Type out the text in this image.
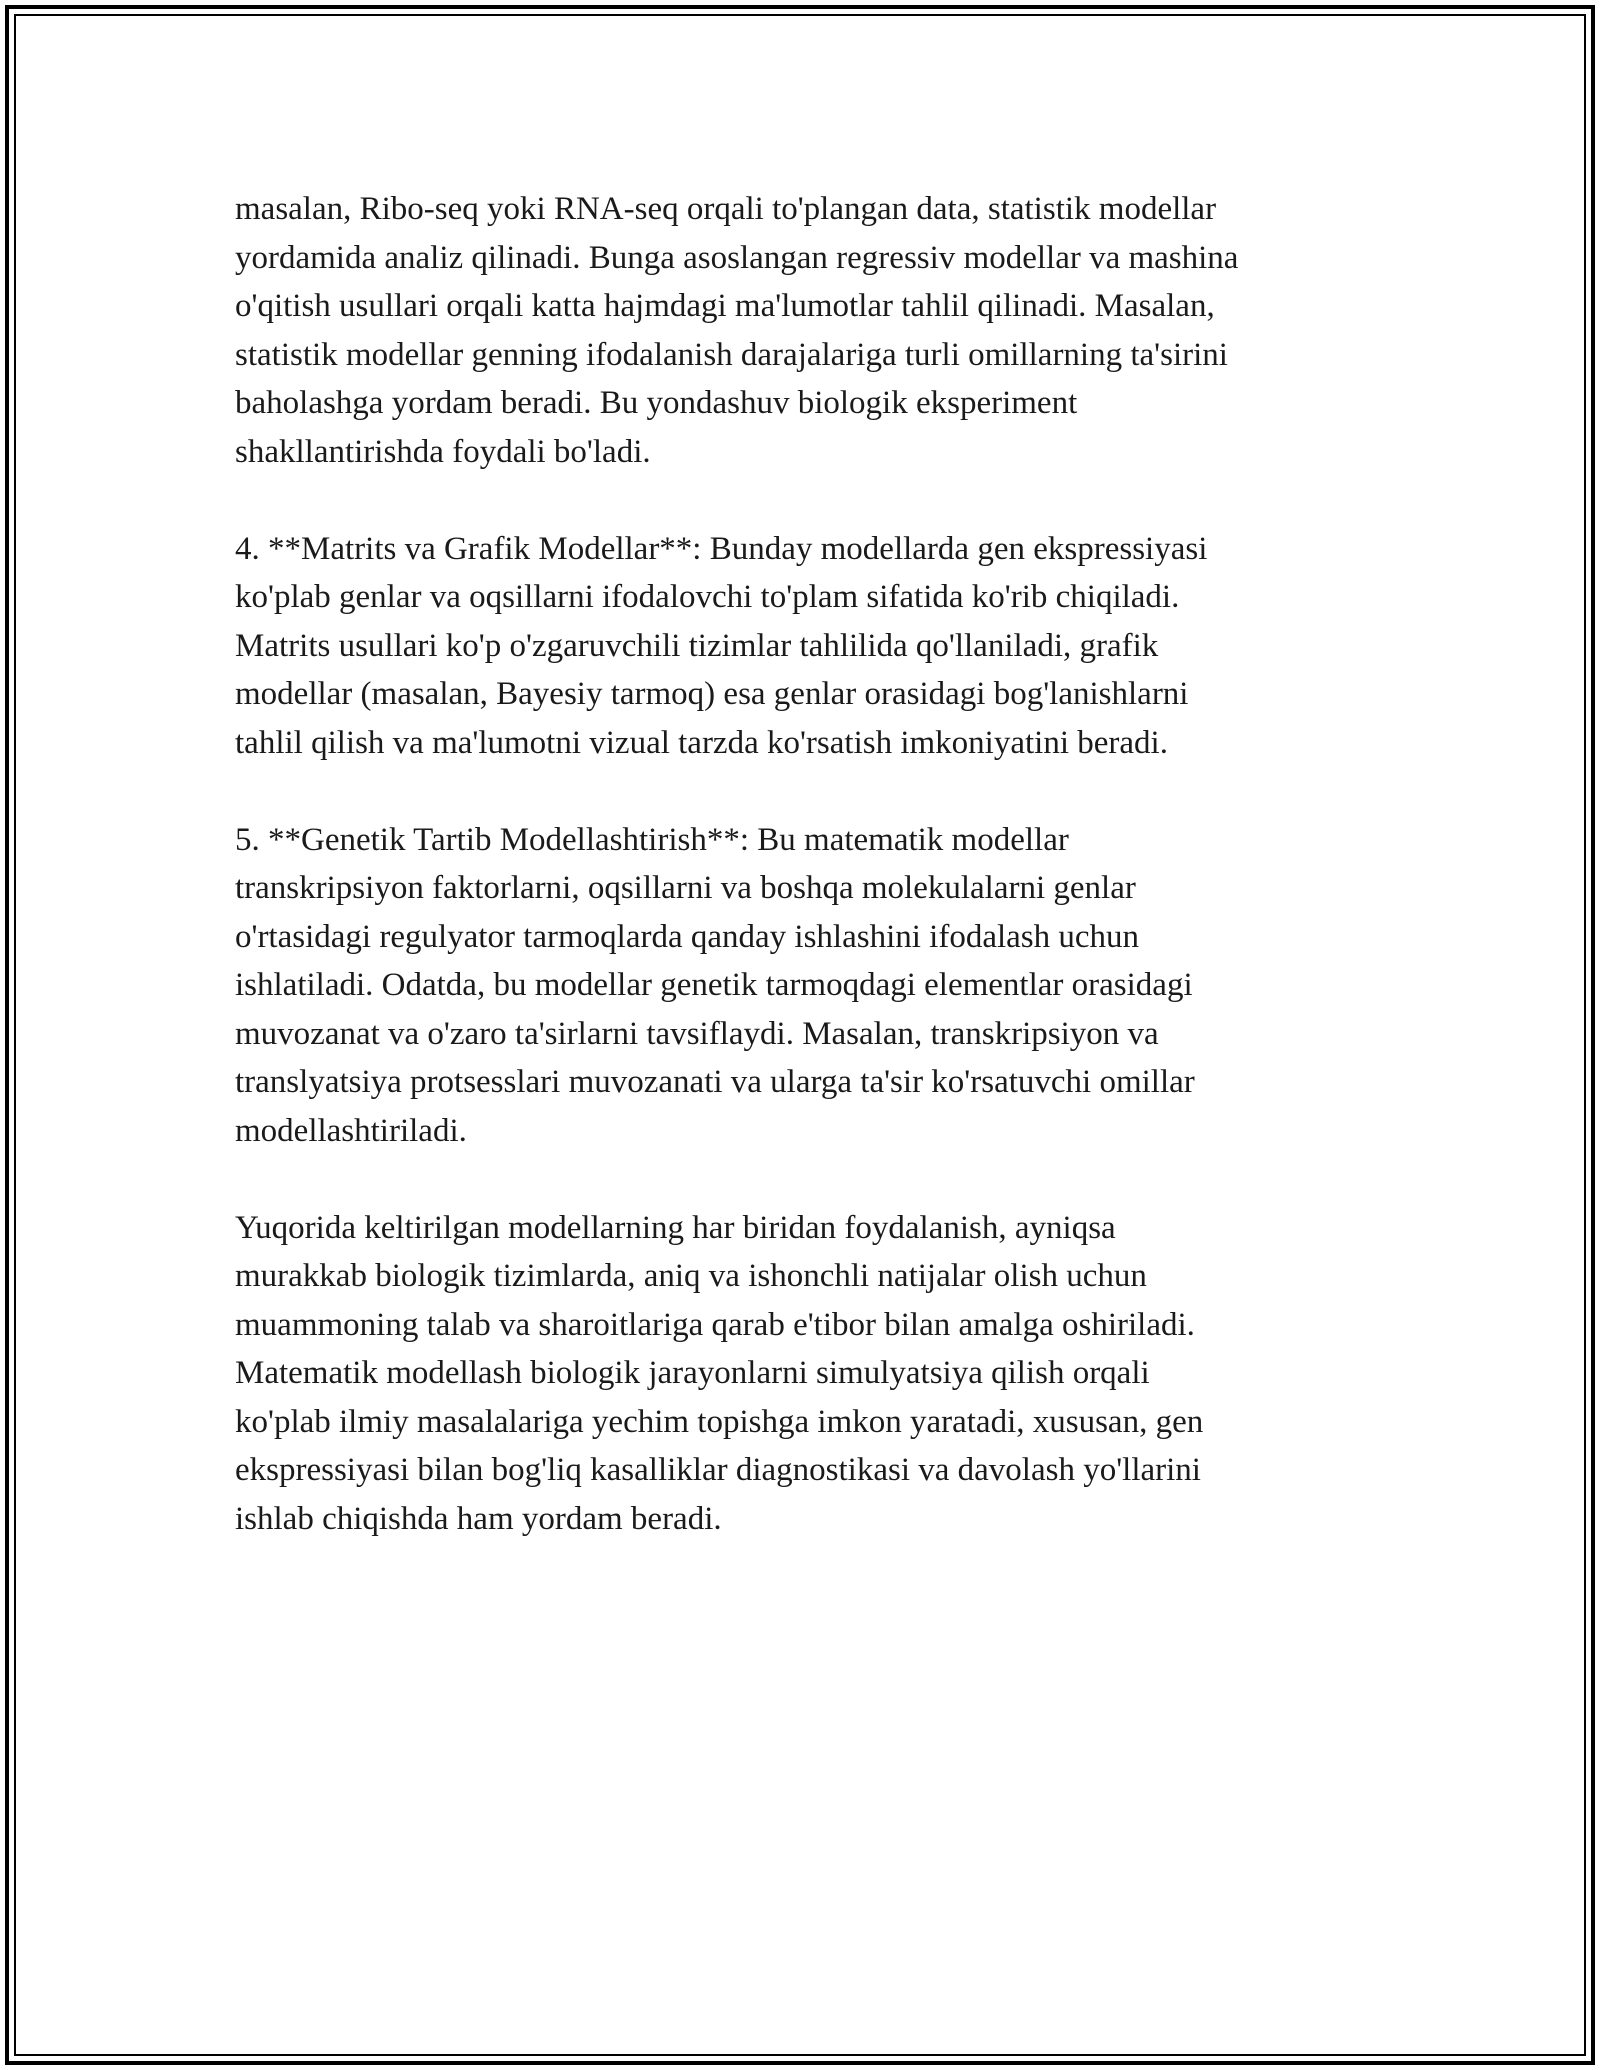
masalan, Ribo-seq yoki RNA-seq orqali to'plangan data, statistik modellar
yordamida analiz qilinadi. Bunga asoslangan regressiv modellar va mashina
o'qitish usullari orqali katta hajmdagi ma'lumotlar tahlil qilinadi. Masalan,
statistik modellar genning ifodalanish darajalariga turli omillarning ta'sirini
baholashga yordam beradi. Bu yondashuv biologik eksperiment
shakllantirishda foydali bo'ladi.

4. **Matrits va Grafik Modellar**: Bunday modellarda gen ekspressiyasi
ko'plab genlar va oqsillarni ifodalovchi to'plam sifatida ko'rib chiqiladi.
Matrits usullari ko'p o'zgaruvchili tizimlar tahlilida qo'llaniladi, grafik
modellar (masalan, Bayesiy tarmoq) esa genlar orasidagi bog'lanishlarni
tahlil qilish va ma'lumotni vizual tarzda ko'rsatish imkoniyatini beradi.

5. **Genetik Tartib Modellashtirish**: Bu matematik modellar
transkripsiyon faktorlarni, oqsillarni va boshqa molekulalarni genlar
o'rtasidagi regulyator tarmoqlarda qanday ishlashini ifodalash uchun
ishlatiladi. Odatda, bu modellar genetik tarmoqdagi elementlar orasidagi
muvozanat va o'zaro ta'sirlarni tavsiflaydi. Masalan, transkripsiyon va
translyatsiya protsesslari muvozanati va ularga ta'sir ko'rsatuvchi omillar
modellashtiriladi.

Yuqorida keltirilgan modellarning har biridan foydalanish, ayniqsa
murakkab biologik tizimlarda, aniq va ishonchli natijalar olish uchun
muammoning talab va sharoitlariga qarab e'tibor bilan amalga oshiriladi.
Matematik modellash biologik jarayonlarni simulyatsiya qilish orqali
ko'plab ilmiy masalalariga yechim topishga imkon yaratadi, xususan, gen
ekspressiyasi bilan bog'liq kasalliklar diagnostikasi va davolash yo'llarini
ishlab chiqishda ham yordam beradi.
